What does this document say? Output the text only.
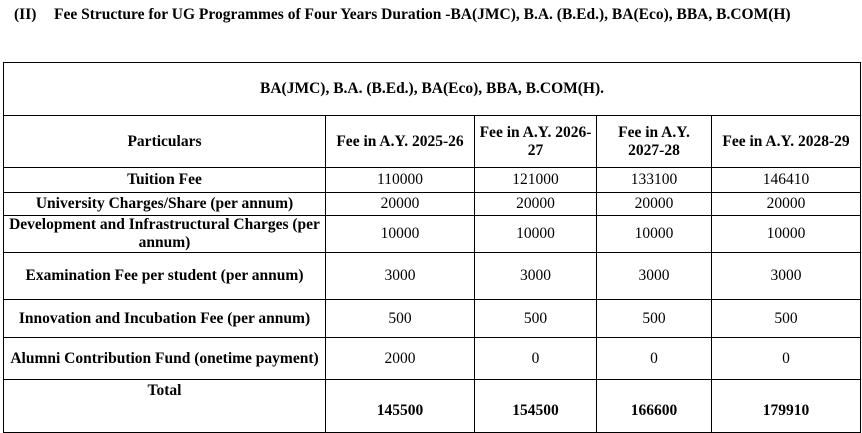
(II) Fee Structure for UG Programmes of Four Years Duration -BA(JMC), B.A. (B.Ed.), BA(Eco), BBA, B.COM(H)
BA(JMC), B.A. (B.Ed.), BA(Eco), BBA, B.COM(H).				
Particulars	Fee in A.Y. 2025-26	Fee in A.Y. 2026-27	Fee in A.Y. 2027-28	Fee in A.Y. 2028-29
Tuition Fee	110000	121000	133100	146410
University Charges/Share (per annum)	20000	20000	20000	20000
Development and Infrastructural Charges (per annum)	10000	10000	10000	10000
Examination Fee per student (per annum)	3000	3000	3000	3000
Innovation and Incubation Fee (per annum)	500	500	500	500
Alumni Contribution Fund (onetime payment)	2000	0	0	0
Total	145500	154500	166600	179910
